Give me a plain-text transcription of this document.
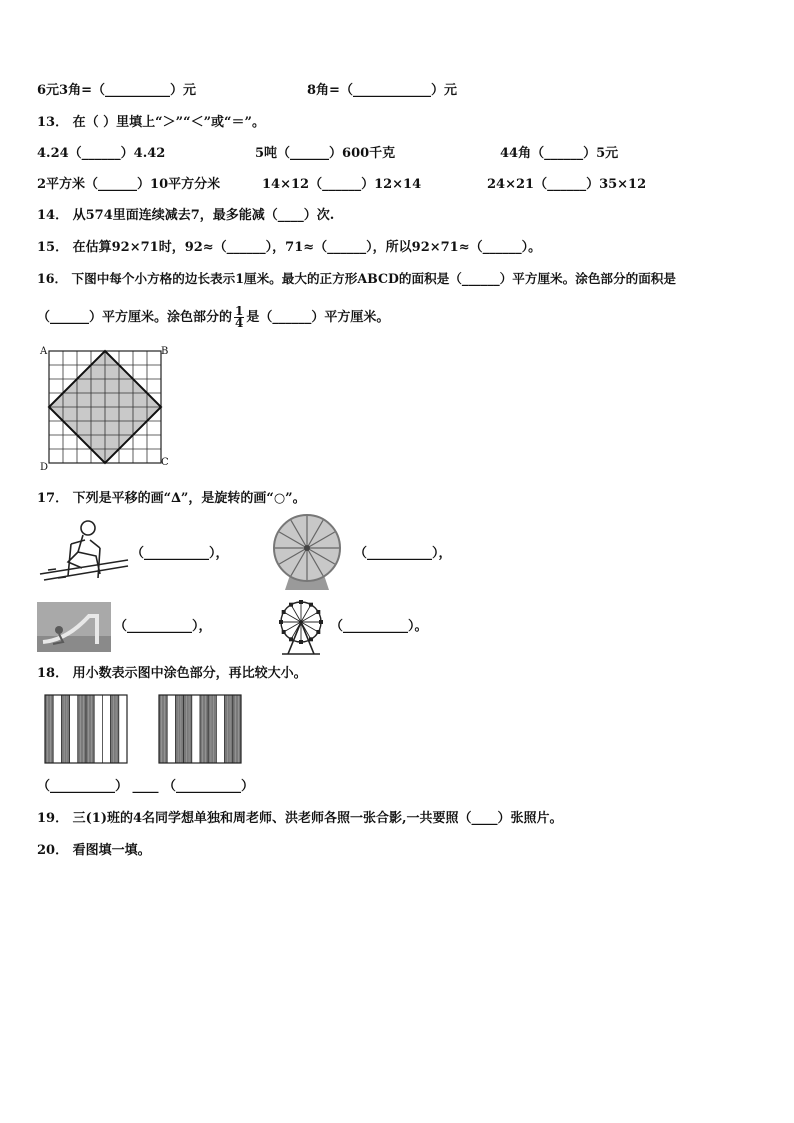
6元3角=（__________）元	8角=（____________）元
13． 在（ ）里填上“＞”“＜”或“＝”。
4.24（______）4.42	5吨（______）600千克	44角（______）5元
2平方米（______）10平方分米	14×12（______）12×14	24×21（______）35×12
14． 从574里面连续减去7，最多能减（____）次.
15． 在估算92×71时，92≈（______），71≈（______），所以92×71≈（______）。
16． 下图中每个小方格的边长表示1厘米。最大的正方形ABCD的面积是（______）平方厘米。涂色部分的面积是
（______）平方厘米。涂色部分的 $\frac{1}{4}$ 是（______）平方厘米。
A	B
C
D
17． 下列是平移的画“∆”，是旋转的画“○”。
（__________），	（__________），
（__________），	（__________）。
18． 用小数表示图中涂色部分，再比较大小。
（__________） ____ （__________）
19． 三(1)班的4名同学想单独和周老师、洪老师各照一张合影,一共要照（____）张照片。
20． 看图填一填。
